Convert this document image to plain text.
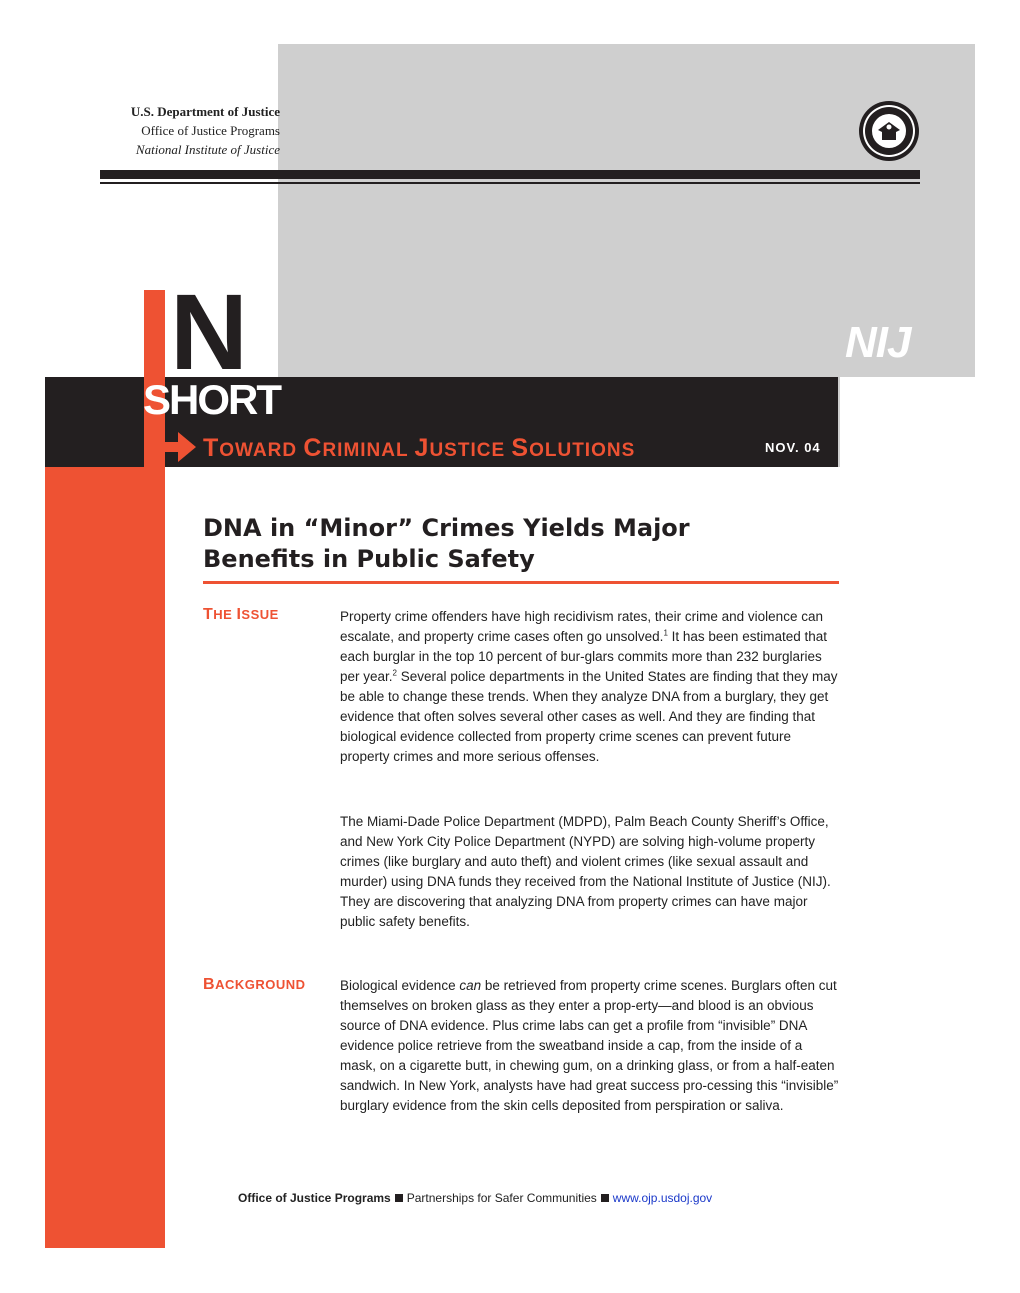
U.S. Department of Justice
Office of Justice Programs
National Institute of Justice
N
SHORT
TOWARD CRIMINAL JUSTICE SOLUTIONS
NIJ
NOV. 04
DNA in “Minor” Crimes Yields Major
Benefits in Public Safety
THE ISSUE	Property crime offenders have high recidivism rates, their crime and violence can escalate, and property crime cases often go unsolved.$^1$ It has been estimated that each burglar in the top 10 percent of bur-glars commits more than 232 burglaries per year.$^2$ Several police departments in the United States are finding that they may be able to change these trends. When they analyze DNA from a burglary, they get evidence that often solves several other cases as well. And they are finding that biological evidence collected from property crime scenes can prevent future property crimes and more serious offenses.

The Miami-Dade Police Department (MDPD), Palm Beach County Sheriff’s Office, and New York City Police Department (NYPD) are solving high-volume property crimes (like burglary and auto theft) and violent crimes (like sexual assault and murder) using DNA funds they received from the National Institute of Justice (NIJ). They are discovering that analyzing DNA from property crimes can have major public safety benefits.

BACKGROUND	Biological evidence can be retrieved from property crime scenes. Burglars often cut themselves on broken glass as they enter a prop-erty—and blood is an obvious source of DNA evidence. Plus crime labs can get a profile from “invisible” DNA evidence police retrieve from the sweatband inside a cap, from the inside of a mask, on a cigarette butt, in chewing gum, on a drinking glass, or from a half-eaten sandwich. In New York, analysts have had great success pro-cessing this “invisible” burglary evidence from the skin cells deposited from perspiration or saliva.

Office of Justice Programs Partnerships for Safer Communities www.ojp.usdoj.gov
